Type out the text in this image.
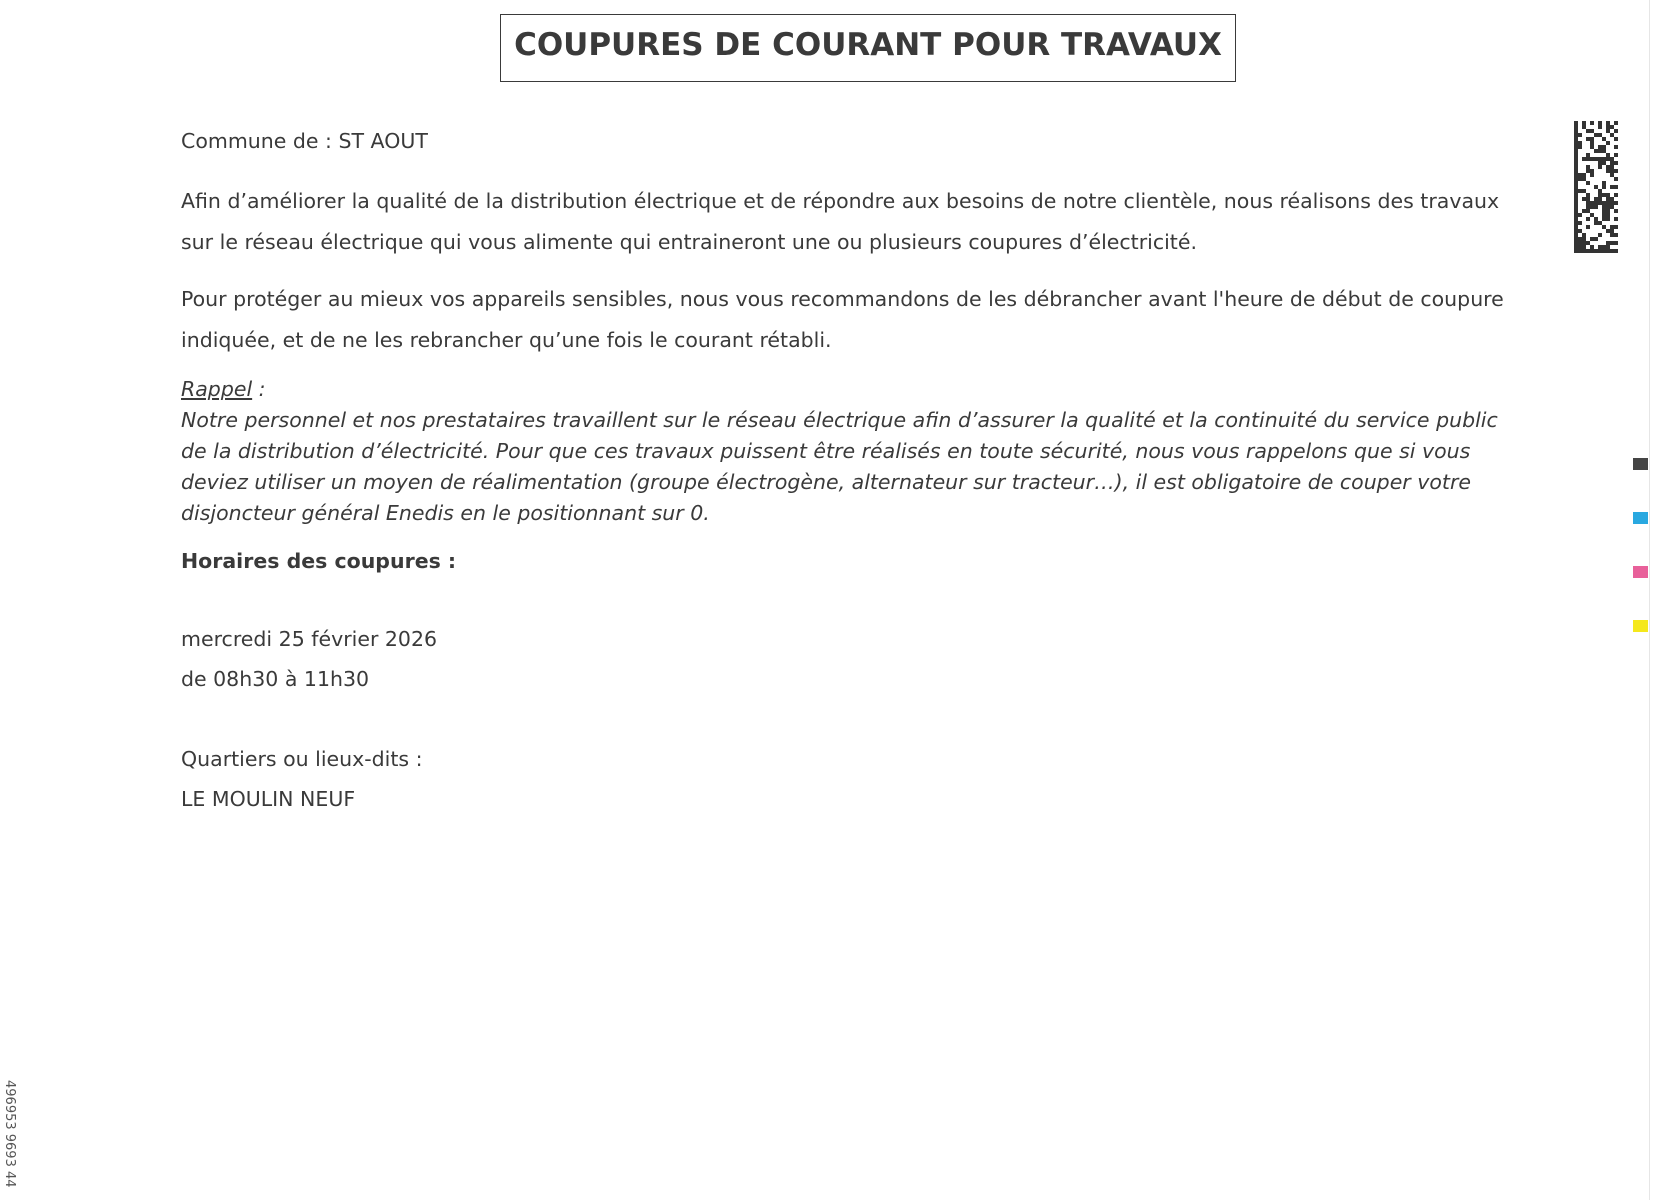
COUPURES DE COURANT POUR TRAVAUX
Commune de : ST AOUT
Afin d’améliorer la qualité de la distribution électrique et de répondre aux besoins de notre clientèle, nous réalisons des travaux
sur le réseau électrique qui vous alimente qui entraineront une ou plusieurs coupures d’électricité.
Pour protéger au mieux vos appareils sensibles, nous vous recommandons de les débrancher avant l'heure de début de coupure
indiquée, et de ne les rebrancher qu’une fois le courant rétabli.
Rappel :
Notre personnel et nos prestataires travaillent sur le réseau électrique afin d’assurer la qualité et la continuité du service public
de la distribution d’électricité. Pour que ces travaux puissent être réalisés en toute sécurité, nous vous rappelons que si vous
deviez utiliser un moyen de réalimentation (groupe électrogène, alternateur sur tracteur…), il est obligatoire de couper votre
disjoncteur général Enedis en le positionnant sur 0.
Horaires des coupures :
mercredi 25 février 2026
de 08h30 à 11h30
Quartiers ou lieux-dits :
LE MOULIN NEUF
496953 9693 44
